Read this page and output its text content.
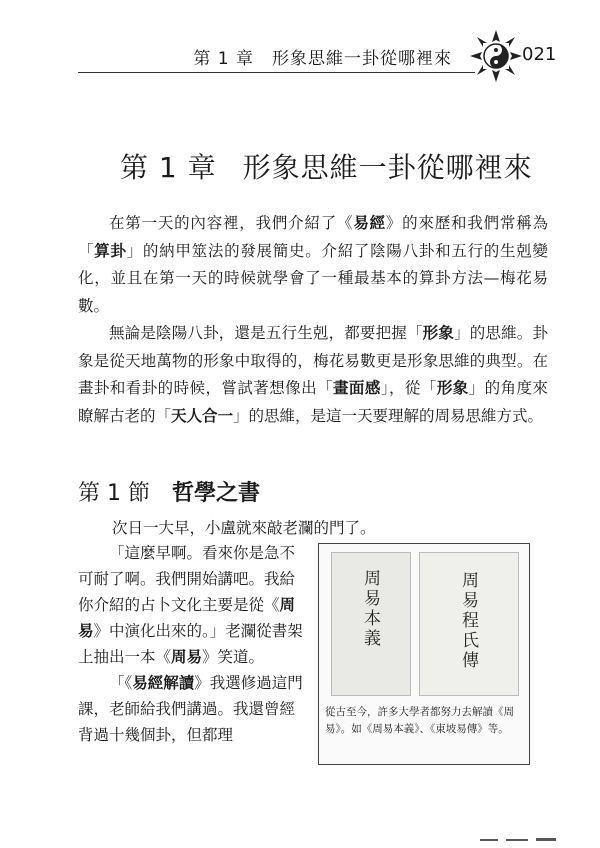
第 1 章　形象思維一卦從哪裡來	021
第 1 章 形象思維一卦從哪裡來

在第一天的內容裡，我們介紹了《易經》的來歷和我們常稱為「算卦」的納甲筮法的發展簡史。介紹了陰陽八卦和五行的生剋變化，並且在第一天的時候就學會了一種最基本的算卦方法—梅花易數。

無論是陰陽八卦，還是五行生剋，都要把握「形象」的思維。卦象是從天地萬物的形象中取得的，梅花易數更是形象思維的典型。在畫卦和看卦的時候，嘗試著想像出「畫面感」，從「形象」的角度來瞭解古老的「天人合一」的思維，是這一天要理解的周易思維方式。

第 1 節 哲學之書
次日一大早，小盧就來敲老瀾的門了。

「這麼早啊。看來你是急不可耐了啊。我們開始講吧。我給你介紹的占卜文化主要是從《周易》中演化出來的。」老瀾從書架上抽出一本《周易》笑道。

「《易經解讀》我選修過這門課，老師給我們講過。我還曾經背過十幾個卦，但都理

周易本義	周易程氏傳
從古至今，許多大學者都努力去解讀《周易》。如《周易本義》、《東坡易傳》等。
